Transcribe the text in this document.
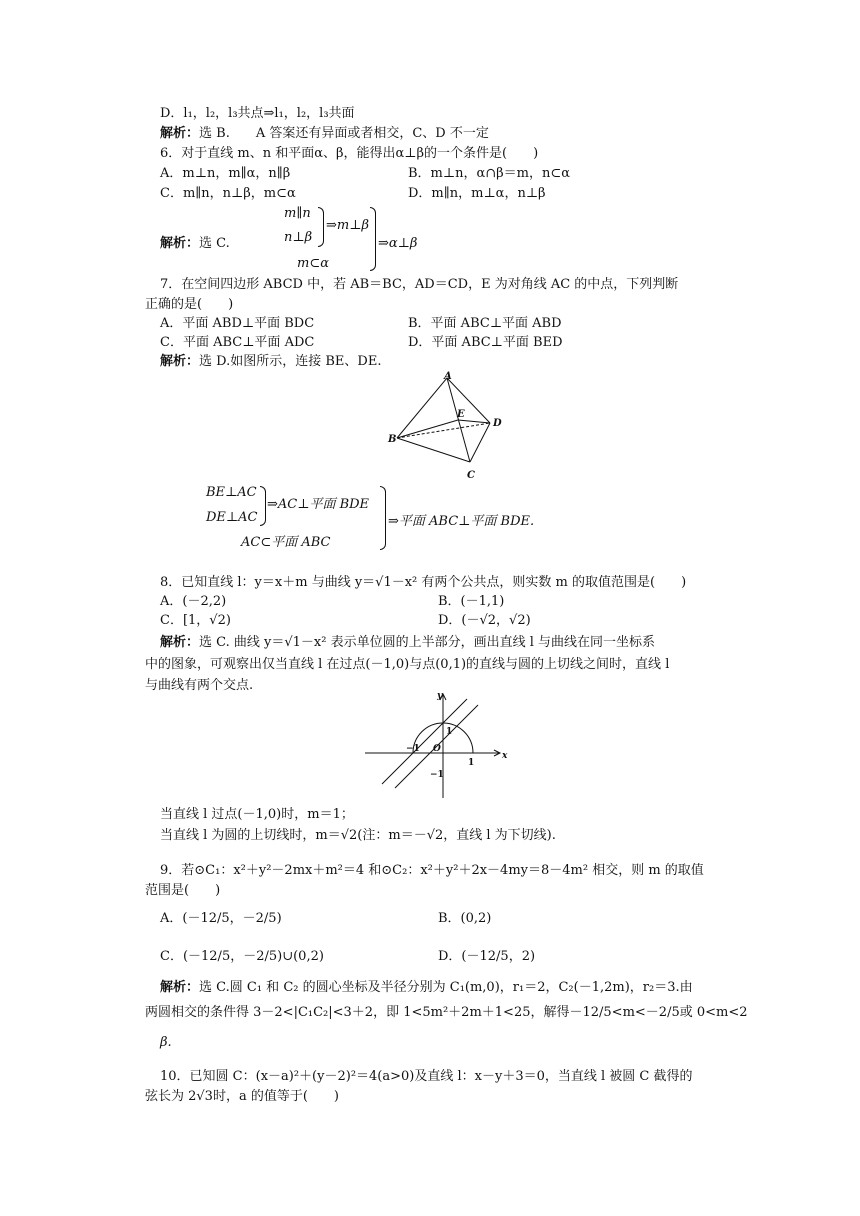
D．l₁，l₂，l₃共点⇒l₁，l₂，l₃共面
解析：选 B.　　A 答案还有异面或者相交，C、D 不一定
6．对于直线 m、n 和平面α、β，能得出α⊥β的一个条件是(　　)
A．m⊥n，m∥α，n∥β	B．m⊥n，α∩β＝m，n⊂α
C．m∥n，n⊥β，m⊂α	D．m∥n，m⊥α，n⊥β
解析：选 C.
m∥n
n⊥β
⇒m⊥β
m⊂α
⇒α⊥β
7．在空间四边形 ABCD 中，若 AB＝BC，AD＝CD，E 为对角线 AC 的中点，下列判断
正确的是(　　)
A．平面 ABD⊥平面 BDC	B．平面 ABC⊥平面 ABD
C．平面 ABC⊥平面 ADC	D．平面 ABC⊥平面 BED
解析：选 D.如图所示，连接 BE、DE.
A
B
C
D
E
BE⊥AC
DE⊥AC
⇒AC⊥平面 BDE
AC⊂平面 ABC
⇒平面 ABC⊥平面 BDE.
8．已知直线 l：y＝x＋m 与曲线 y＝√1－x² 有两个公共点，则实数 m 的取值范围是(　　)
A．(－2,2)	B．(－1,1)
C．[1，√2)	D．(－√2，√2)
解析：选 C. 曲线 y＝√1－x² 表示单位圆的上半部分，画出直线 l 与曲线在同一坐标系
中的图象，可观察出仅当直线 l 在过点(－1,0)与点(0,1)的直线与圆的上切线之间时，直线 l
与曲线有两个交点.
y
x
O
1
1
−1
−1
当直线 l 过点(－1,0)时，m＝1；
当直线 l 为圆的上切线时，m＝√2(注：m＝－√2，直线 l 为下切线).
9．若⊙C₁：x²＋y²－2mx＋m²＝4 和⊙C₂：x²＋y²＋2x－4my＝8－4m² 相交，则 m 的取值
范围是(　　)
A．(－12/5，－2/5)	B．(0,2)
C．(－12/5，－2/5)∪(0,2)	D．(－12/5，2)
解析：选 C.圆 C₁ 和 C₂ 的圆心坐标及半径分别为 C₁(m,0)，r₁＝2，C₂(－1,2m)，r₂＝3.由
两圆相交的条件得 3－2<|C₁C₂|<3＋2，即 1<5m²＋2m＋1<25，解得－12/5<m<－2/5或 0<m<2
β.
10．已知圆 C：(x－a)²＋(y－2)²＝4(a>0)及直线 l：x－y＋3＝0，当直线 l 被圆 C 截得的
弦长为 2√3时，a 的值等于(　　)
